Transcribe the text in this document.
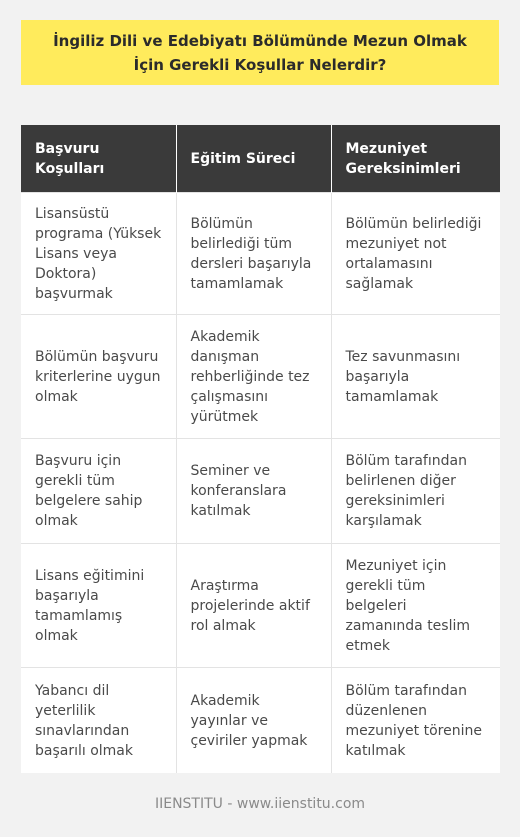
İngiliz Dili ve Edebiyatı Bölümünde Mezun Olmak İçin Gerekli Koşullar Nelerdir?
Başvuru Koşulları	Eğitim Süreci	Mezuniyet Gereksinimleri
Lisansüstü programa (Yüksek Lisans veya Doktora) başvurmak	Bölümün belirlediği tüm dersleri başarıyla tamamlamak	Bölümün belirlediği mezuniyet not ortalamasını sağlamak
Bölümün başvuru kriterlerine uygun olmak	Akademik danışman rehberliğinde tez çalışmasını yürütmek	Tez savunmasını başarıyla tamamlamak
Başvuru için gerekli tüm belgelere sahip olmak	Seminer ve konferanslara katılmak	Bölüm tarafından belirlenen diğer gereksinimleri karşılamak
Lisans eğitimini başarıyla tamamlamış olmak	Araştırma projelerinde aktif rol almak	Mezuniyet için gerekli tüm belgeleri zamanında teslim etmek
Yabancı dil yeterlilik sınavlarından başarılı olmak	Akademik yayınlar ve çeviriler yapmak	Bölüm tarafından düzenlenen mezuniyet törenine katılmak
IIENSTITU - www.iienstitu.com
